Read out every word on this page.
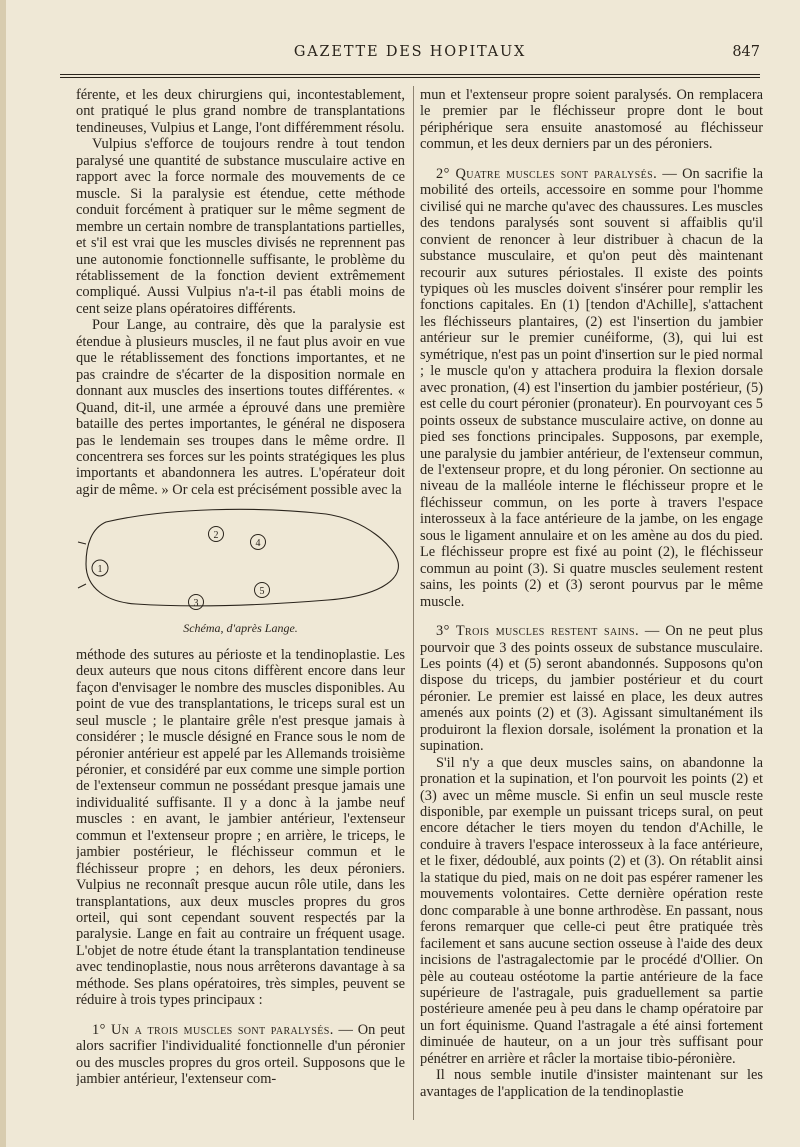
GAZETTE DES HOPITAUX	847

férente, et les deux chirurgiens qui, incontestablement, ont pratiqué le plus grand nombre de transplantations tendineuses, Vulpius et Lange, l'ont différemment résolu.

Vulpius s'efforce de toujours rendre à tout tendon paralysé une quantité de substance musculaire active en rapport avec la force normale des mouvements de ce muscle. Si la paralysie est étendue, cette méthode conduit forcément à pratiquer sur le même segment de membre un certain nombre de transplantations partielles, et s'il est vrai que les muscles divisés ne reprennent pas une autonomie fonctionnelle suffisante, le problème du rétablissement de la fonction devient extrêmement compliqué. Aussi Vulpius n'a-t-il pas établi moins de cent seize plans opératoires différents.

Pour Lange, au contraire, dès que la paralysie est étendue à plusieurs muscles, il ne faut plus avoir en vue que le rétablissement des fonctions importantes, et ne pas craindre de s'écarter de la disposition normale en donnant aux muscles des insertions toutes différentes. « Quand, dit-il, une armée a éprouvé dans une première bataille des pertes importantes, le général ne disposera pas le lendemain ses troupes dans le même ordre. Il concentrera ses forces sur les points stratégiques les plus importants et abandonnera les autres. L'opérateur doit agir de même. » Or cela est précisément possible avec la

1
2
3
4
5
Schéma, d'après Lange.

méthode des sutures au périoste et la tendinoplastie. Les deux auteurs que nous citons diffèrent encore dans leur façon d'envisager le nombre des muscles disponibles. Au point de vue des transplantations, le triceps sural est un seul muscle ; le plantaire grêle n'est presque jamais à considérer ; le muscle désigné en France sous le nom de péronier antérieur est appelé par les Allemands troisième péronier, et considéré par eux comme une simple portion de l'extenseur commun ne possédant presque jamais une individualité suffisante. Il y a donc à la jambe neuf muscles : en avant, le jambier antérieur, l'extenseur commun et l'extenseur propre ; en arrière, le triceps, le jambier postérieur, le fléchisseur commun et le fléchisseur propre ; en dehors, les deux péroniers. Vulpius ne reconnaît presque aucun rôle utile, dans les transplantations, aux deux muscles propres du gros orteil, qui sont cependant souvent respectés par la paralysie. Lange en fait au contraire un fréquent usage. L'objet de notre étude étant la transplantation tendineuse avec tendinoplastie, nous nous arrêterons davantage à sa méthode. Ses plans opératoires, très simples, peuvent se réduire à trois types principaux :

1° Un a trois muscles sont paralysés. — On peut alors sacrifier l'individualité fonctionnelle d'un péronier ou des muscles propres du gros orteil. Supposons que le jambier antérieur, l'extenseur com-

mun et l'extenseur propre soient paralysés. On remplacera le premier par le fléchisseur propre dont le bout périphérique sera ensuite anastomosé au fléchisseur commun, et les deux derniers par un des péroniers.

2° Quatre muscles sont paralysés. — On sacrifie la mobilité des orteils, accessoire en somme pour l'homme civilisé qui ne marche qu'avec des chaussures. Les muscles des tendons paralysés sont souvent si affaiblis qu'il convient de renoncer à leur distribuer à chacun de la substance musculaire, et qu'on peut dès maintenant recourir aux sutures périostales. Il existe des points typiques où les muscles doivent s'insérer pour remplir les fonctions capitales. En (1) [tendon d'Achille], s'attachent les fléchisseurs plantaires, (2) est l'insertion du jambier antérieur sur le premier cunéiforme, (3), qui lui est symétrique, n'est pas un point d'insertion sur le pied normal ; le muscle qu'on y attachera produira la flexion dorsale avec pronation, (4) est l'insertion du jambier postérieur, (5) est celle du court péronier (pronateur). En pourvoyant ces 5 points osseux de substance musculaire active, on donne au pied ses fonctions principales. Supposons, par exemple, une paralysie du jambier antérieur, de l'extenseur commun, de l'extenseur propre, et du long péronier. On sectionne au niveau de la malléole interne le fléchisseur propre et le fléchisseur commun, on les porte à travers l'espace interosseux à la face antérieure de la jambe, on les engage sous le ligament annulaire et on les amène au dos du pied. Le fléchisseur propre est fixé au point (2), le fléchisseur commun au point (3). Si quatre muscles seulement restent sains, les points (2) et (3) seront pourvus par le même muscle.

3° Trois muscles restent sains. — On ne peut plus pourvoir que 3 des points osseux de substance musculaire. Les points (4) et (5) seront abandonnés. Supposons qu'on dispose du triceps, du jambier postérieur et du court péronier. Le premier est laissé en place, les deux autres amenés aux points (2) et (3). Agissant simultanément ils produiront la flexion dorsale, isolément la pronation et la supination.

S'il n'y a que deux muscles sains, on abandonne la pronation et la supination, et l'on pourvoit les points (2) et (3) avec un même muscle. Si enfin un seul muscle reste disponible, par exemple un puissant triceps sural, on peut encore détacher le tiers moyen du tendon d'Achille, le conduire à travers l'espace interosseux à la face antérieure, et le fixer, dédoublé, aux points (2) et (3). On rétablit ainsi la statique du pied, mais on ne doit pas espérer ramener les mouvements volontaires. Cette dernière opération reste donc comparable à une bonne arthrodèse. En passant, nous ferons remarquer que celle-ci peut être pratiquée très facilement et sans aucune section osseuse à l'aide des deux incisions de l'astragalectomie par le procédé d'Ollier. On pèle au couteau ostéotome la partie antérieure de la face supérieure de l'astragale, puis graduellement sa partie postérieure amenée peu à peu dans le champ opératoire par un fort équinisme. Quand l'astragale a été ainsi fortement diminuée de hauteur, on a un jour très suffisant pour pénétrer en arrière et râcler la mortaise tibio-péronière.

Il nous semble inutile d'insister maintenant sur les avantages de l'application de la tendinoplastie
